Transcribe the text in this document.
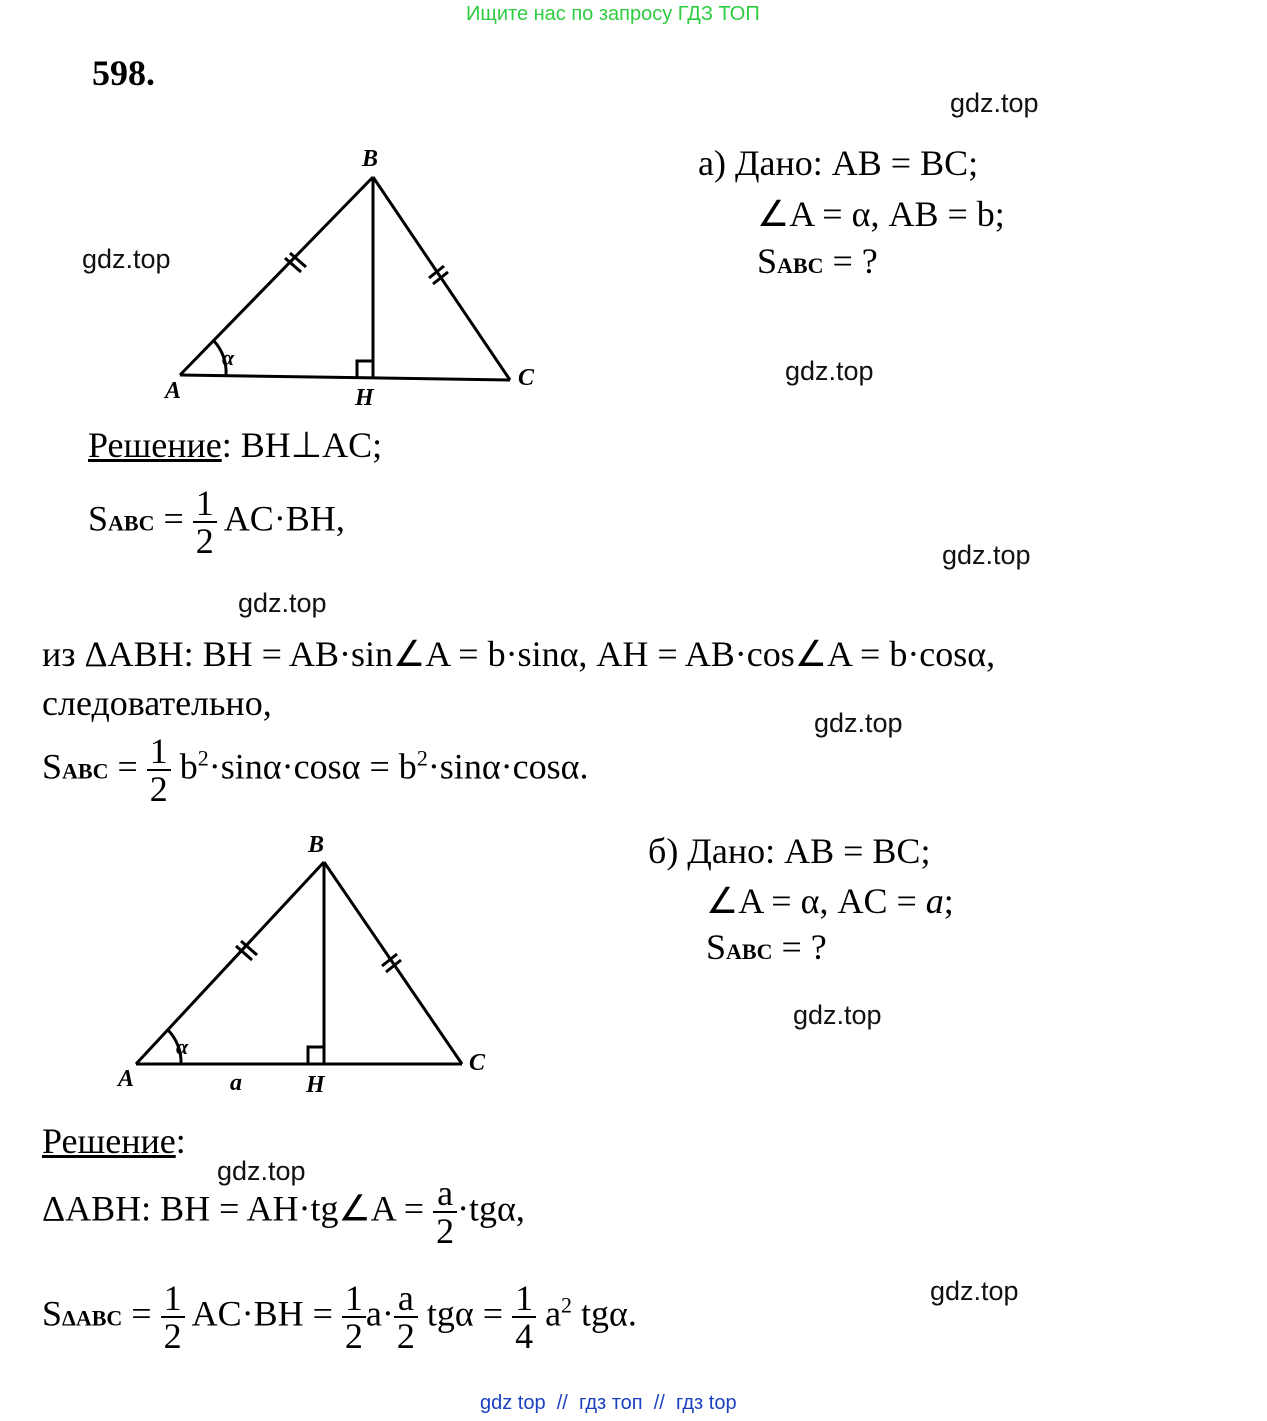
Ищите нас по запросу ГДЗ ТОП
598.
gdz.top
gdz.top
gdz.top
gdz.top
gdz.top
gdz.top
gdz.top
gdz.top
gdz.top
B
A	H
C
α
а) Дано: AB = BC;
∠A = α, AB = b;
SABC = ?
Решение: BH⊥AC;
SABC = $\frac{1}{2} AC\cdot BH$,
из ΔABH: BH = AB·sin∠A = b·sinα, AH = AB·cos∠A = b·cosα,
следовательно,
SABC = $\frac{1}{2} b^2\cdot\sin\alpha\cdot\cos\alpha = b^2\cdot\sin\alpha\cdot\cos\alpha$.
B
A	H
C
α
a
б) Дано: AB = BC;
∠A = α, AC = a;
SABC = ?
Решение:
ΔABH: BH = AH·tg∠A = $\frac{a}{2} \cdot tg\alpha$,
$S\Delta ABC = \frac{1}{2} AC\cdot BH = \frac{1}{2} a\cdot \frac{a}{2}$ $tg\alpha = \frac{1}{4} a^2$ tgα.
gdz top  //  гдз топ  //  гдз top
